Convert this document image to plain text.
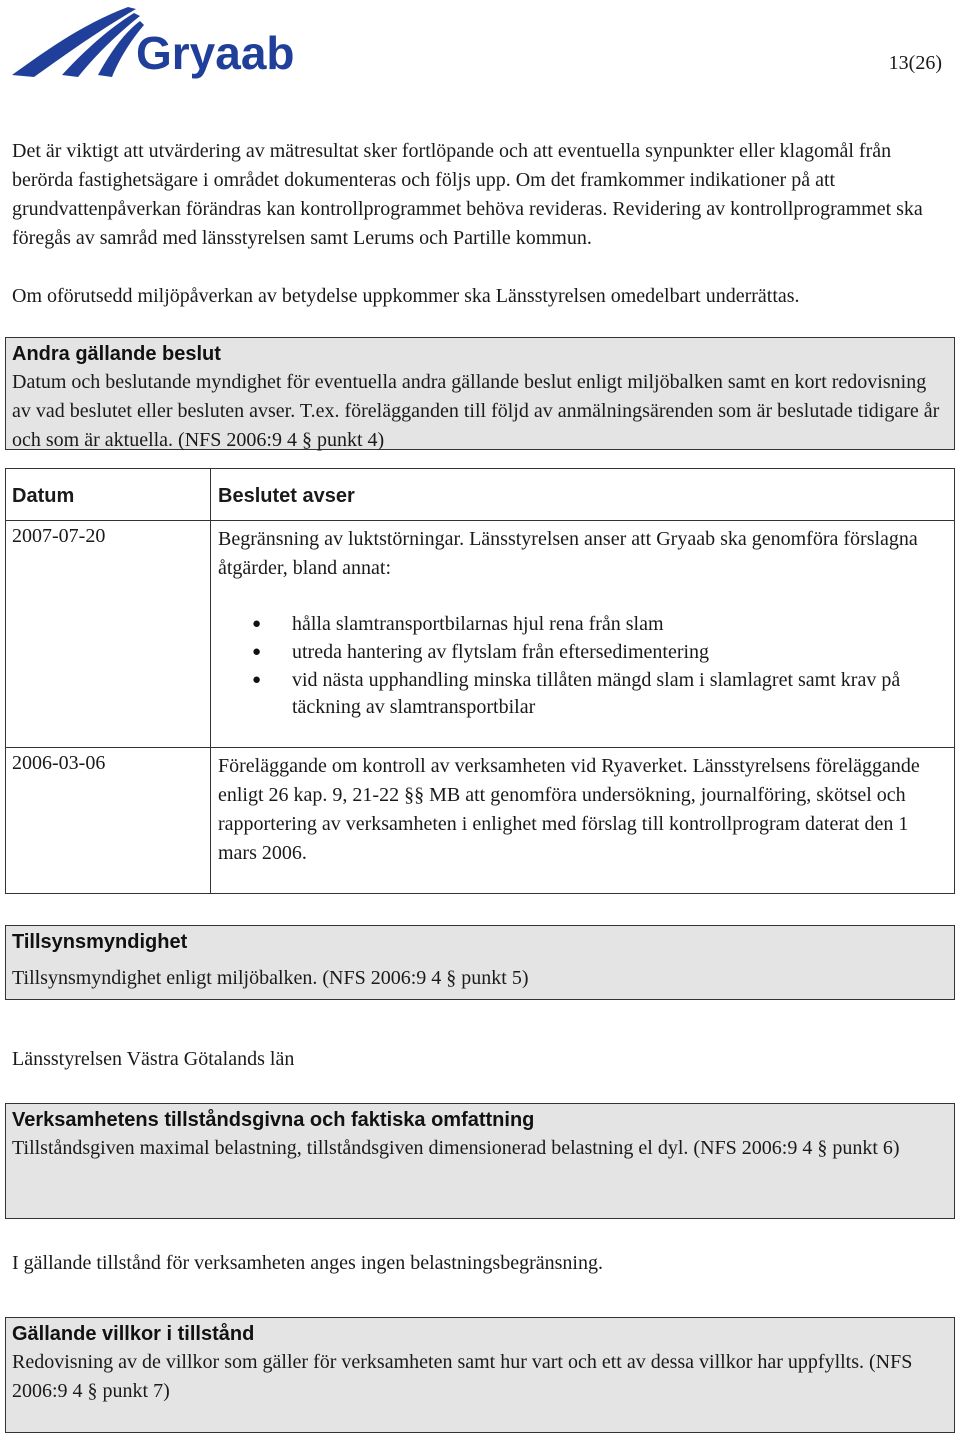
Gryaab	13(26)

Det är viktigt att utvärdering av mätresultat sker fortlöpande och att eventuella synpunkter eller klagomål från berörda fastighetsägare i området dokumenteras och följs upp. Om det framkommer indikationer på att grundvattenpåverkan förändras kan kontrollprogrammet behöva revideras. Revidering av kontrollprogrammet ska föregås av samråd med länsstyrelsen samt Lerums och Partille kommun.

Om oförutsedd miljöpåverkan av betydelse uppkommer ska Länsstyrelsen omedelbart underrättas.

Andra gällande beslut

Datum och beslutande myndighet för eventuella andra gällande beslut enligt miljöbalken samt en kort redovisning av vad beslutet eller besluten avser. T.ex. förelägganden till följd av anmälningsärenden som är beslutade tidigare år och som är aktuella. (NFS 2006:9 4 § punkt 4)

Datum	Beslutet avser
2007-07-20	Begränsning av luktstörningar. Länsstyrelsen anser att Gryaab ska genomföra förslagna åtgärder, bland annat:
● hålla slamtransportbilarnas hjul rena från slam
● utreda hantering av flytslam från eftersedimentering
● vid nästa upphandling minska tillåten mängd slam i slamlagret samt krav på täckning av slamtransportbilar
2006-03-06	Föreläggande om kontroll av verksamheten vid Ryaverket. Länsstyrelsens föreläggande enligt 26 kap. 9, 21-22 §§ MB att genomföra undersökning, journalföring, skötsel och rapportering av verksamheten i enlighet med förslag till kontrollprogram daterat den 1 mars 2006.
Tillsynsmyndighet

Tillsynsmyndighet enligt miljöbalken. (NFS 2006:9 4 § punkt 5)

Länsstyrelsen Västra Götalands län

Verksamhetens tillståndsgivna och faktiska omfattning

Tillståndsgiven maximal belastning, tillståndsgiven dimensionerad belastning el dyl. (NFS 2006:9 4 § punkt 6)

I gällande tillstånd för verksamheten anges ingen belastningsbegränsning.

Gällande villkor i tillstånd

Redovisning av de villkor som gäller för verksamheten samt hur vart och ett av dessa villkor har uppfyllts. (NFS 2006:9 4 § punkt 7)
